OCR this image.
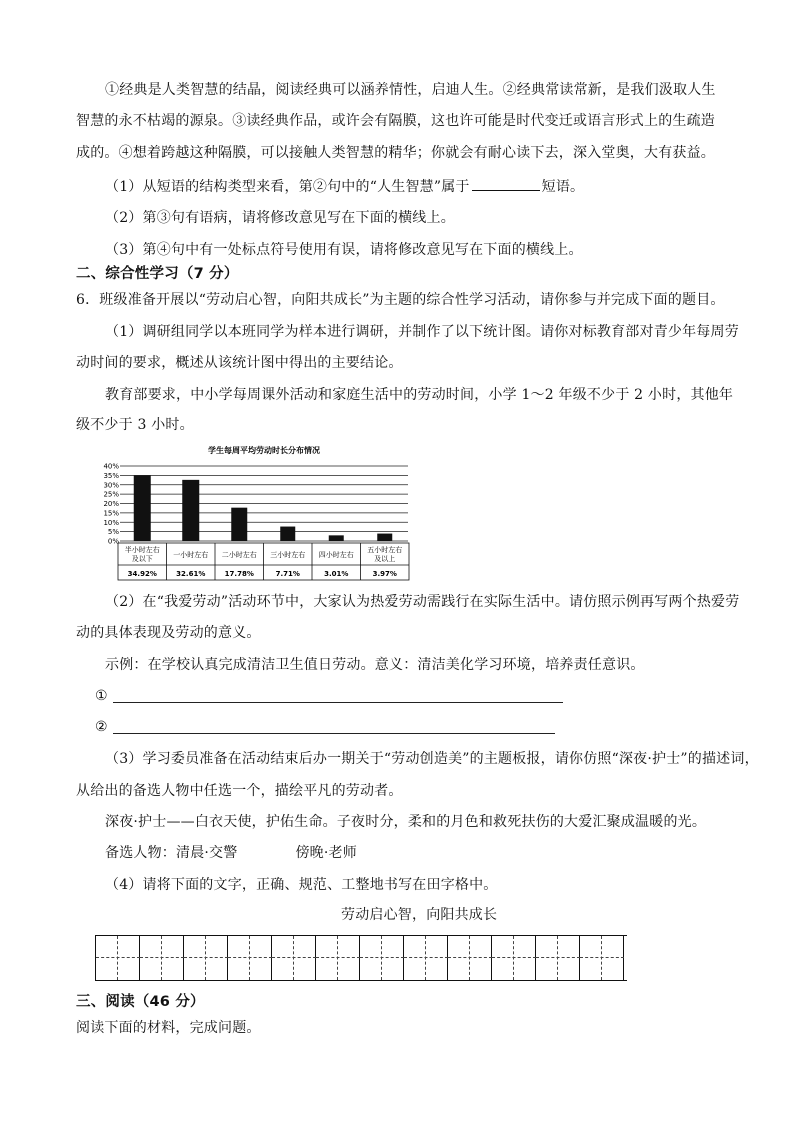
①经典是人类智慧的结晶，阅读经典可以涵养情性，启迪人生。②经典常读常新，是我们汲取人生
智慧的永不枯竭的源泉。③读经典作品，或许会有隔膜，这也许可能是时代变迁或语言形式上的生疏造
成的。④想着跨越这种隔膜，可以接触人类智慧的精华；你就会有耐心读下去，深入堂奥，大有获益。
（1）从短语的结构类型来看，第②句中的“人生智慧”属于	短语。
（2）第③句有语病，请将修改意见写在下面的横线上。
（3）第④句中有一处标点符号使用有误，请将修改意见写在下面的横线上。
二、综合性学习（7 分）
6．班级准备开展以“劳动启心智，向阳共成长”为主题的综合性学习活动，请你参与并完成下面的题目。
（1）调研组同学以本班同学为样本进行调研，并制作了以下统计图。请你对标教育部对青少年每周劳
动时间的要求，概述从该统计图中得出的主要结论。
教育部要求，中小学每周课外活动和家庭生活中的劳动时间，小学 1～2 年级不少于 2 小时，其他年
级不少于 3 小时。
学生每周平均劳动时长分布情况
0%
5%
10%
15%
20%
25%
30%
35%
40%
半小时左右
及以下
34.92%
一小时左右
32.61%
二小时左右
17.78%
三小时左右
7.71%
四小时左右
3.01%
五小时左右
及以上
3.97%
（2）在“我爱劳动”活动环节中，大家认为热爱劳动需践行在实际生活中。请仿照示例再写两个热爱劳
动的具体表现及劳动的意义。
示例：在学校认真完成清洁卫生值日劳动。意义：清洁美化学习环境，培养责任意识。
①
②
（3）学习委员准备在活动结束后办一期关于“劳动创造美”的主题板报，请你仿照“深夜·护士”的描述词，
从给出的备选人物中任选一个，描绘平凡的劳动者。
深夜·护士——白衣天使，护佑生命。子夜时分，柔和的月色和救死扶伤的大爱汇聚成温暖的光。
备选人物：清晨·交警	傍晚·老师
（4）请将下面的文字，正确、规范、工整地书写在田字格中。
劳动启心智，向阳共成长
三、阅读（46 分）
阅读下面的材料，完成问题。
